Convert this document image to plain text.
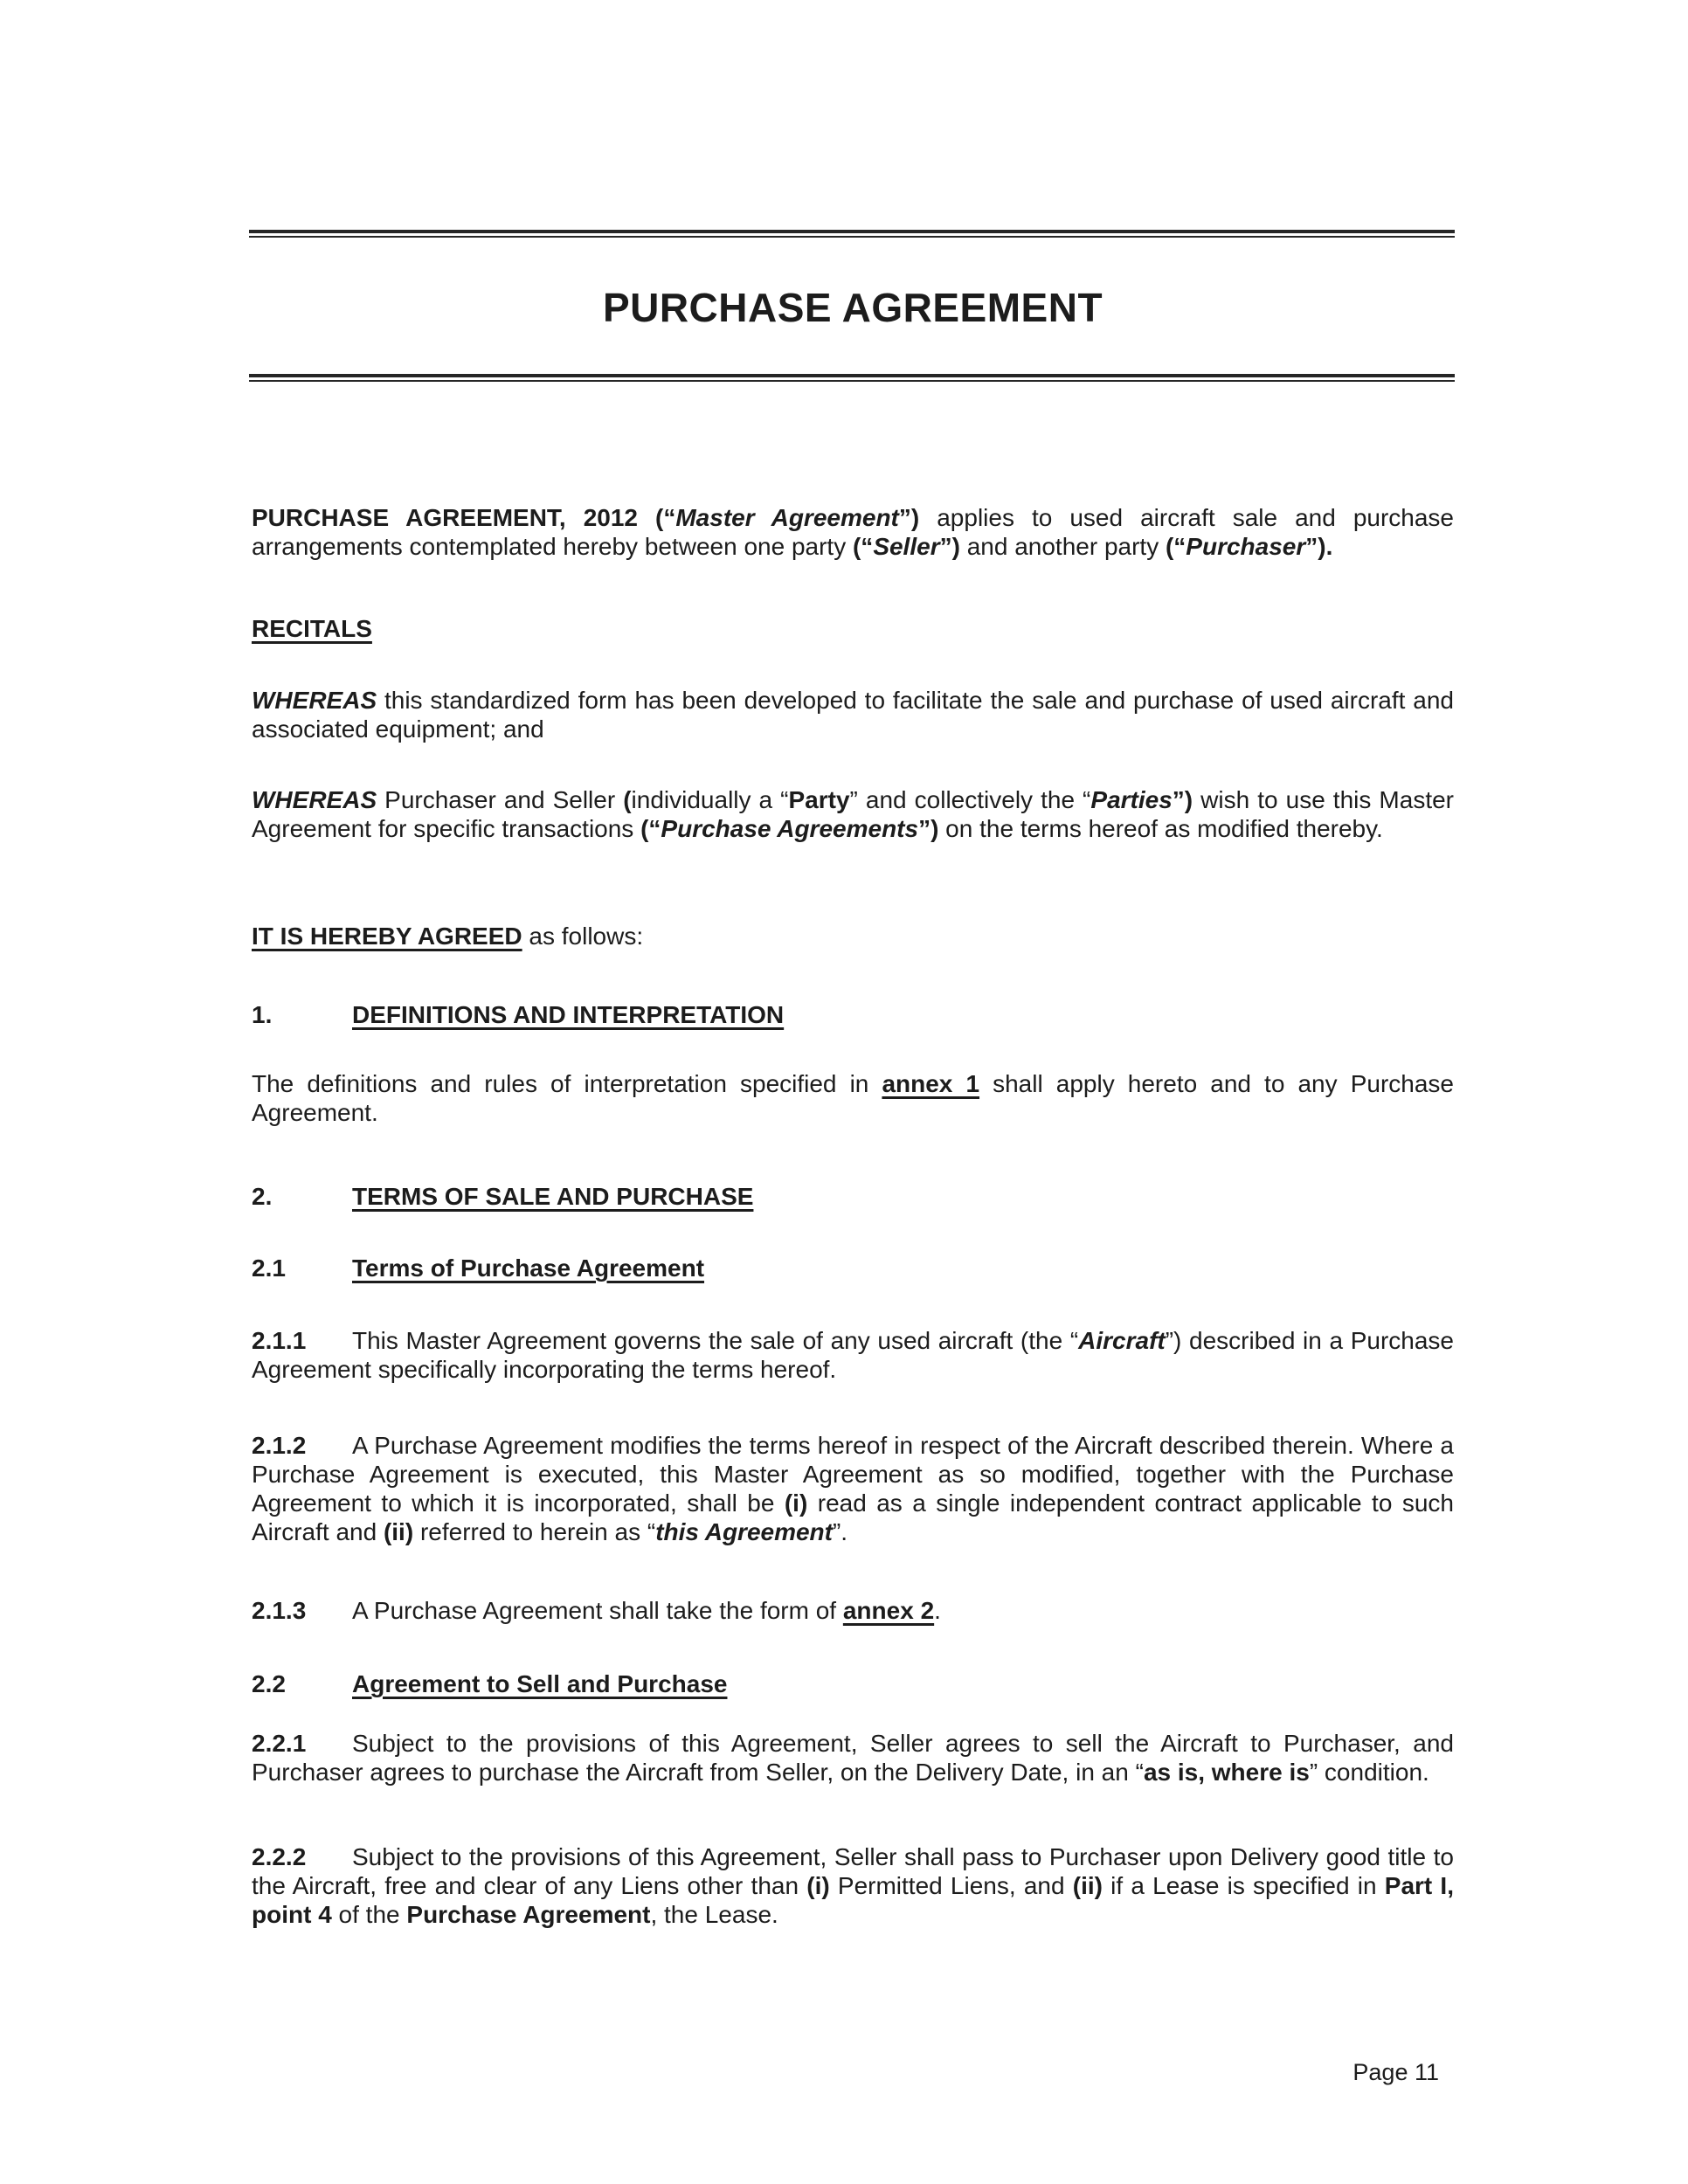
PURCHASE AGREEMENT
PURCHASE AGREEMENT, 2012 (“Master Agreement”) applies to used aircraft sale and purchase arrangements contemplated hereby between one party (“Seller”) and another party (“Purchaser”).
RECITALS
WHEREAS this standardized form has been developed to facilitate the sale and purchase of used aircraft and associated equipment; and
WHEREAS Purchaser and Seller (individually a “Party” and collectively the “Parties”) wish to use this Master Agreement for specific transactions (“Purchase Agreements”) on the terms hereof as modified thereby.
IT IS HEREBY AGREED as follows:
1.	DEFINITIONS AND INTERPRETATION
The definitions and rules of interpretation specified in annex 1 shall apply hereto and to any Purchase Agreement.
2.	TERMS OF SALE AND PURCHASE
2.1	Terms of Purchase Agreement
2.1.1 This Master Agreement governs the sale of any used aircraft (the “Aircraft”) described in a Purchase Agreement specifically incorporating the terms hereof.
2.1.2 A Purchase Agreement modifies the terms hereof in respect of the Aircraft described therein. Where a Purchase Agreement is executed, this Master Agreement as so modified, together with the Purchase Agreement to which it is incorporated, shall be (i) read as a single independent contract applicable to such Aircraft and (ii) referred to herein as “this Agreement”.
2.1.3 A Purchase Agreement shall take the form of annex 2.
2.2	Agreement to Sell and Purchase
2.2.1 Subject to the provisions of this Agreement, Seller agrees to sell the Aircraft to Purchaser, and Purchaser agrees to purchase the Aircraft from Seller, on the Delivery Date, in an “as is, where is” condition.
2.2.2 Subject to the provisions of this Agreement, Seller shall pass to Purchaser upon Delivery good title to the Aircraft, free and clear of any Liens other than (i) Permitted Liens, and (ii) if a Lease is specified in Part I, point 4 of the Purchase Agreement, the Lease.
Page 11
